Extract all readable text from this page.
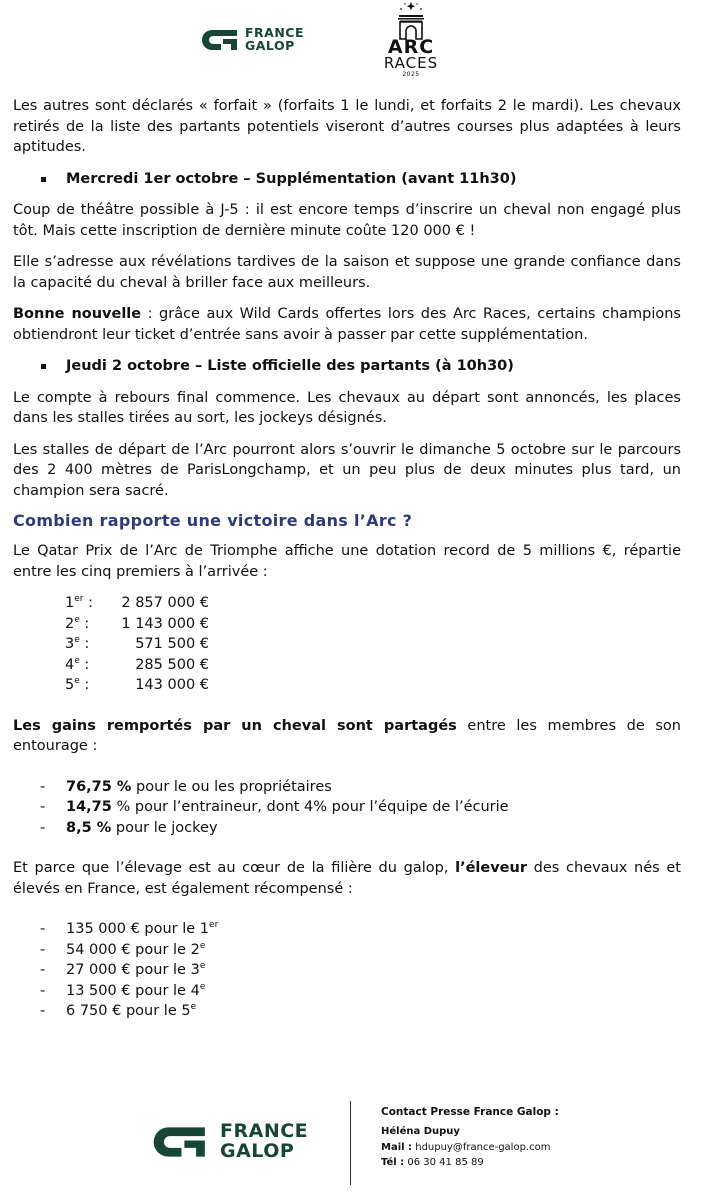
FRANCE
GALOP	ARC
RACES
2025

Les autres sont déclarés « forfait » (forfaits 1 le lundi, et forfaits 2 le mardi). Les chevaux retirés de la liste des partants potentiels viseront d’autres courses plus adaptées à leurs aptitudes.

Mercredi 1er octobre – Supplémentation (avant 11h30)

Coup de théâtre possible à J-5 : il est encore temps d’inscrire un cheval non engagé plus tôt. Mais cette inscription de dernière minute coûte 120 000 € !

Elle s’adresse aux révélations tardives de la saison et suppose une grande confiance dans la capacité du cheval à briller face aux meilleurs.

Bonne nouvelle : grâce aux Wild Cards offertes lors des Arc Races, certains champions obtiendront leur ticket d’entrée sans avoir à passer par cette supplémentation.

Jeudi 2 octobre – Liste officielle des partants (à 10h30)

Le compte à rebours final commence. Les chevaux au départ sont annoncés, les places dans les stalles tirées au sort, les jockeys désignés.

Les stalles de départ de l’Arc pourront alors s’ouvrir le dimanche 5 octobre sur le parcours des 2 400 mètres de ParisLongchamp, et un peu plus de deux minutes plus tard, un champion sera sacré.

Combien rapporte une victoire dans l’Arc ?

Le Qatar Prix de l’Arc de Triomphe affiche une dotation record de 5 millions €, répartie entre les cinq premiers à l’arrivée :

1er :	2 857 000 €
2e :	1 143 000 €
3e :	571 500 €
4e :	285 500 €
5e :	143 000 €

Les gains remportés par un cheval sont partagés entre les membres de son entourage :

- 76,75 % pour le ou les propriétaires
- 14,75 % pour l’entraineur, dont 4% pour l’équipe de l’écurie
- 8,5 % pour le jockey

Et parce que l’élevage est au cœur de la filière du galop, l’éleveur des chevaux nés et élevés en France, est également récompensé :

- 135 000 € pour le 1er
- 54 000 € pour le 2e
- 27 000 € pour le 3e
- 13 500 € pour le 4e
- 6 750 € pour le 5e
FRANCE
GALOP
Contact Presse France Galop :
Héléna Dupuy
Mail : hdupuy@france-galop.com
Tél : 06 30 41 85 89
